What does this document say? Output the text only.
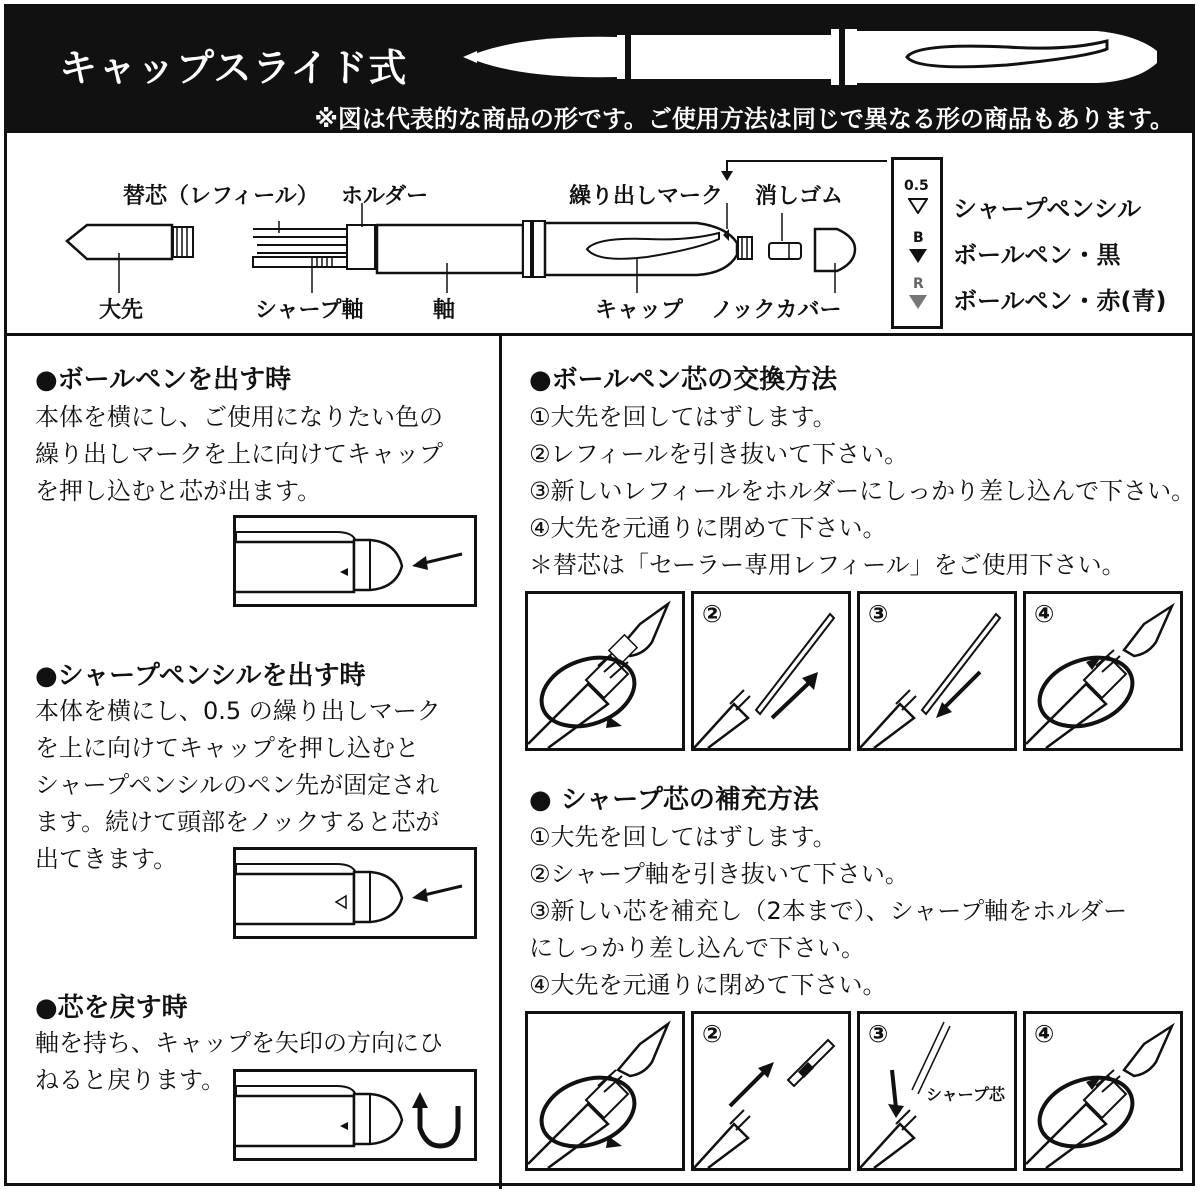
キャップスライド式
※図は代表的な商品の形です。ご使用方法は同じで異なる形の商品もあります。
替芯（レフィール） ホルダー	繰り出しマーク 消しゴム
大先	シャープ軸	軸	キャップ ノックカバー
0.5
B
R
シャープペンシル
ボールペン・黒
ボールペン・赤(青)
●ボールペンを出す時
本体を横にし、ご使用になりたい色の
繰り出しマークを上に向けてキャップ
を押し込むと芯が出ます。
●シャープペンシルを出す時
本体を横にし、0.5 の繰り出しマーク
を上に向けてキャップを押し込むと
シャープペンシルのペン先が固定され
ます。続けて頭部をノックすると芯が
出てきます。
●芯を戻す時
軸を持ち、キャップを矢印の方向にひ
ねると戻ります。
●ボールペン芯の交換方法
①大先を回してはずします。
②レフィールを引き抜いて下さい。
③新しいレフィールをホルダーにしっかり差し込んで下さい。
④大先を元通りに閉めて下さい。
＊替芯は「セーラー専用レフィール」をご使用下さい。
②	③	④
● シャープ芯の補充方法
①大先を回してはずします。
②シャープ軸を引き抜いて下さい。
③新しい芯を補充し（2本まで）、シャープ軸をホルダー
にしっかり差し込んで下さい。
④大先を元通りに閉めて下さい。
②	③
シャープ芯
④
